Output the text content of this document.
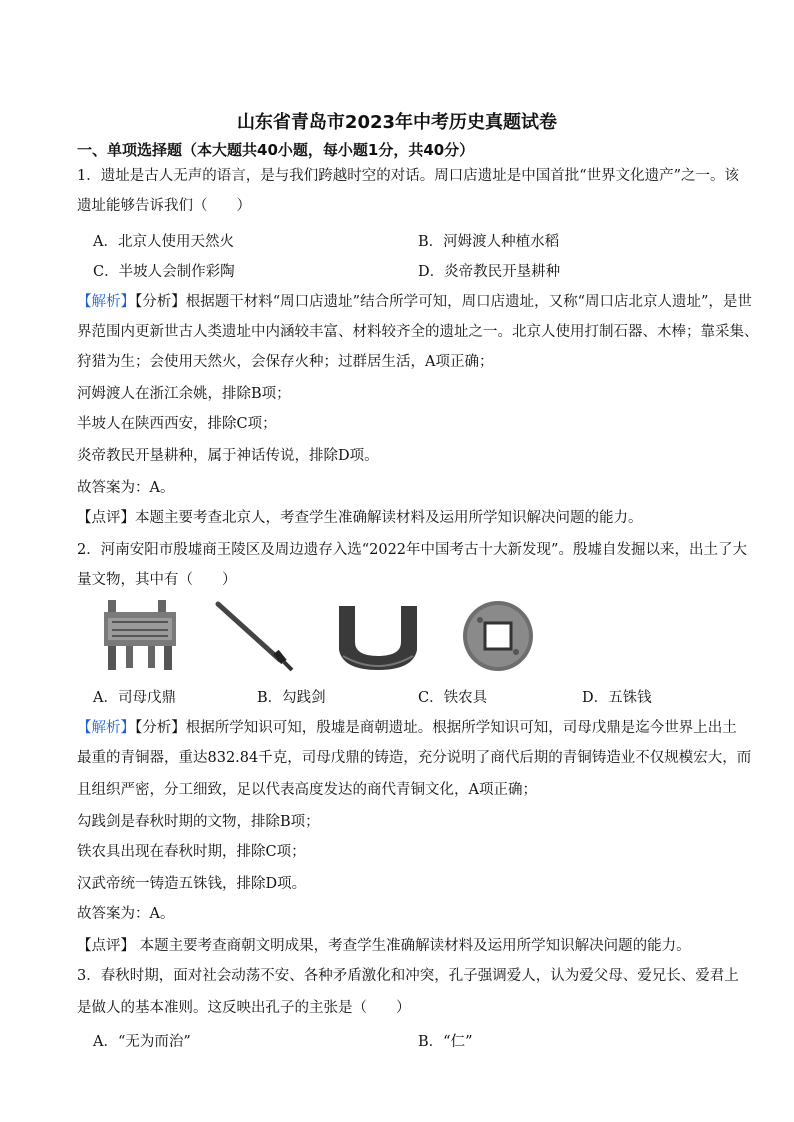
山东省青岛市2023年中考历史真题试卷
一、单项选择题（本大题共40小题，每小题1分，共40分）
1．遗址是古人无声的语言，是与我们跨越时空的对话。周口店遗址是中国首批“世界文化遗产”之一。该
遗址能够告诉我们（　　）
A．北京人使用天然火	B．河姆渡人种植水稻
C．半坡人会制作彩陶	D．炎帝教民开垦耕种
【解析】【分析】根据题干材料“周口店遗址”结合所学可知，周口店遗址，又称“周口店北京人遗址”，是世
界范围内更新世古人类遗址中内涵较丰富、材料较齐全的遗址之一。北京人使用打制石器、木棒；靠采集、
狩猎为生；会使用天然火，会保存火种；过群居生活，A项正确；
河姆渡人在浙江余姚，排除B项；
半坡人在陕西西安，排除C项；
炎帝教民开垦耕种，属于神话传说，排除D项。
故答案为：A。
【点评】本题主要考查北京人，考查学生准确解读材料及运用所学知识解决问题的能力。
2．河南安阳市殷墟商王陵区及周边遗存入选“2022年中国考古十大新发现”。殷墟自发掘以来，出土了大
量文物，其中有（　　）
A．司母戊鼎	B．勾践剑	C．铁农具	D．五铢钱
【解析】【分析】根据所学知识可知，殷墟是商朝遗址。根据所学知识可知，司母戊鼎是迄今世界上出土
最重的青铜器，重达832.84千克，司母戊鼎的铸造，充分说明了商代后期的青铜铸造业不仅规模宏大，而
且组织严密，分工细致，足以代表高度发达的商代青铜文化，A项正确；
勾践剑是春秋时期的文物，排除B项；
铁农具出现在春秋时期，排除C项；
汉武帝统一铸造五铢钱，排除D项。
故答案为：A。
【点评】 本题主要考查商朝文明成果，考查学生准确解读材料及运用所学知识解决问题的能力。
3．春秋时期，面对社会动荡不安、各种矛盾激化和冲突，孔子强调爱人，认为爱父母、爱兄长、爱君上
是做人的基本准则。这反映出孔子的主张是（　　）
A．“无为而治”	B．“仁”
